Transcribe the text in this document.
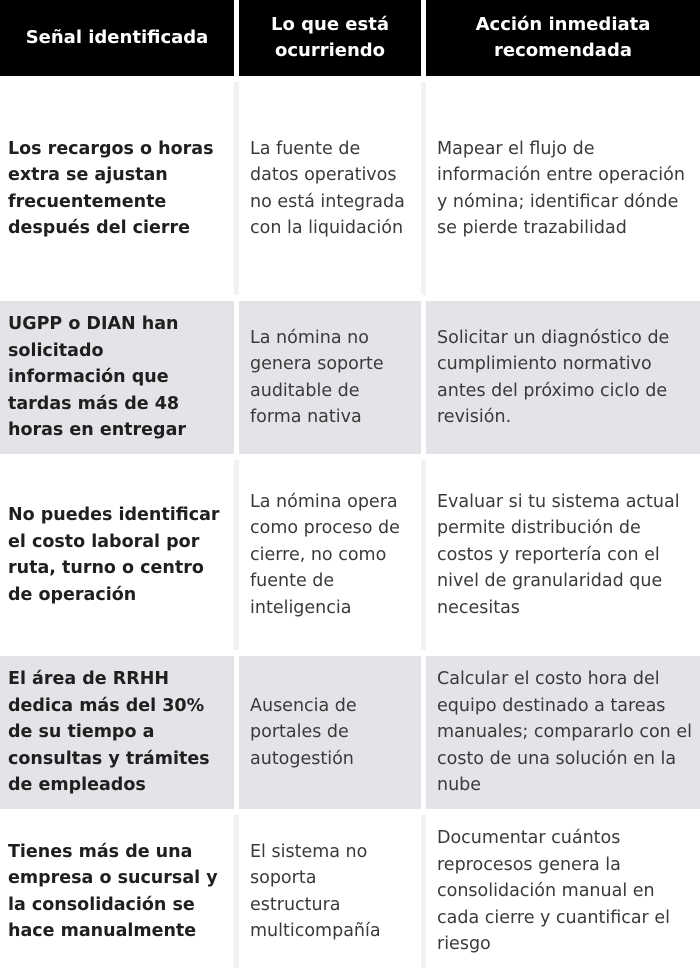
Señal identificada
Lo que está ocurriendo
Acción inmediata recomendada
Los recargos o horas extra se ajustan frecuentemente después del cierre
La fuente de datos operativos no está integrada con la liquidación
Mapear el flujo de información entre operación y nómina; identificar dónde se pierde trazabilidad
UGPP o DIAN han solicitado información que tardas más de 48 horas en entregar
La nómina no genera soporte auditable de forma nativa
Solicitar un diagnóstico de cumplimiento normativo antes del próximo ciclo de revisión.
No puedes identificar el costo laboral por ruta, turno o centro de operación
La nómina opera como proceso de cierre, no como fuente de inteligencia
Evaluar si tu sistema actual permite distribución de costos y reportería con el nivel de granularidad que necesitas
El área de RRHH dedica más del 30% de su tiempo a consultas y trámites de empleados
Ausencia de portales de autogestión
Calcular el costo hora del equipo destinado a tareas manuales; compararlo con el costo de una solución en la nube
Tienes más de una empresa o sucursal y la consolidación se hace manualmente
El sistema no soporta estructura multicompañía
Documentar cuántos reprocesos genera la consolidación manual en cada cierre y cuantificar el riesgo
